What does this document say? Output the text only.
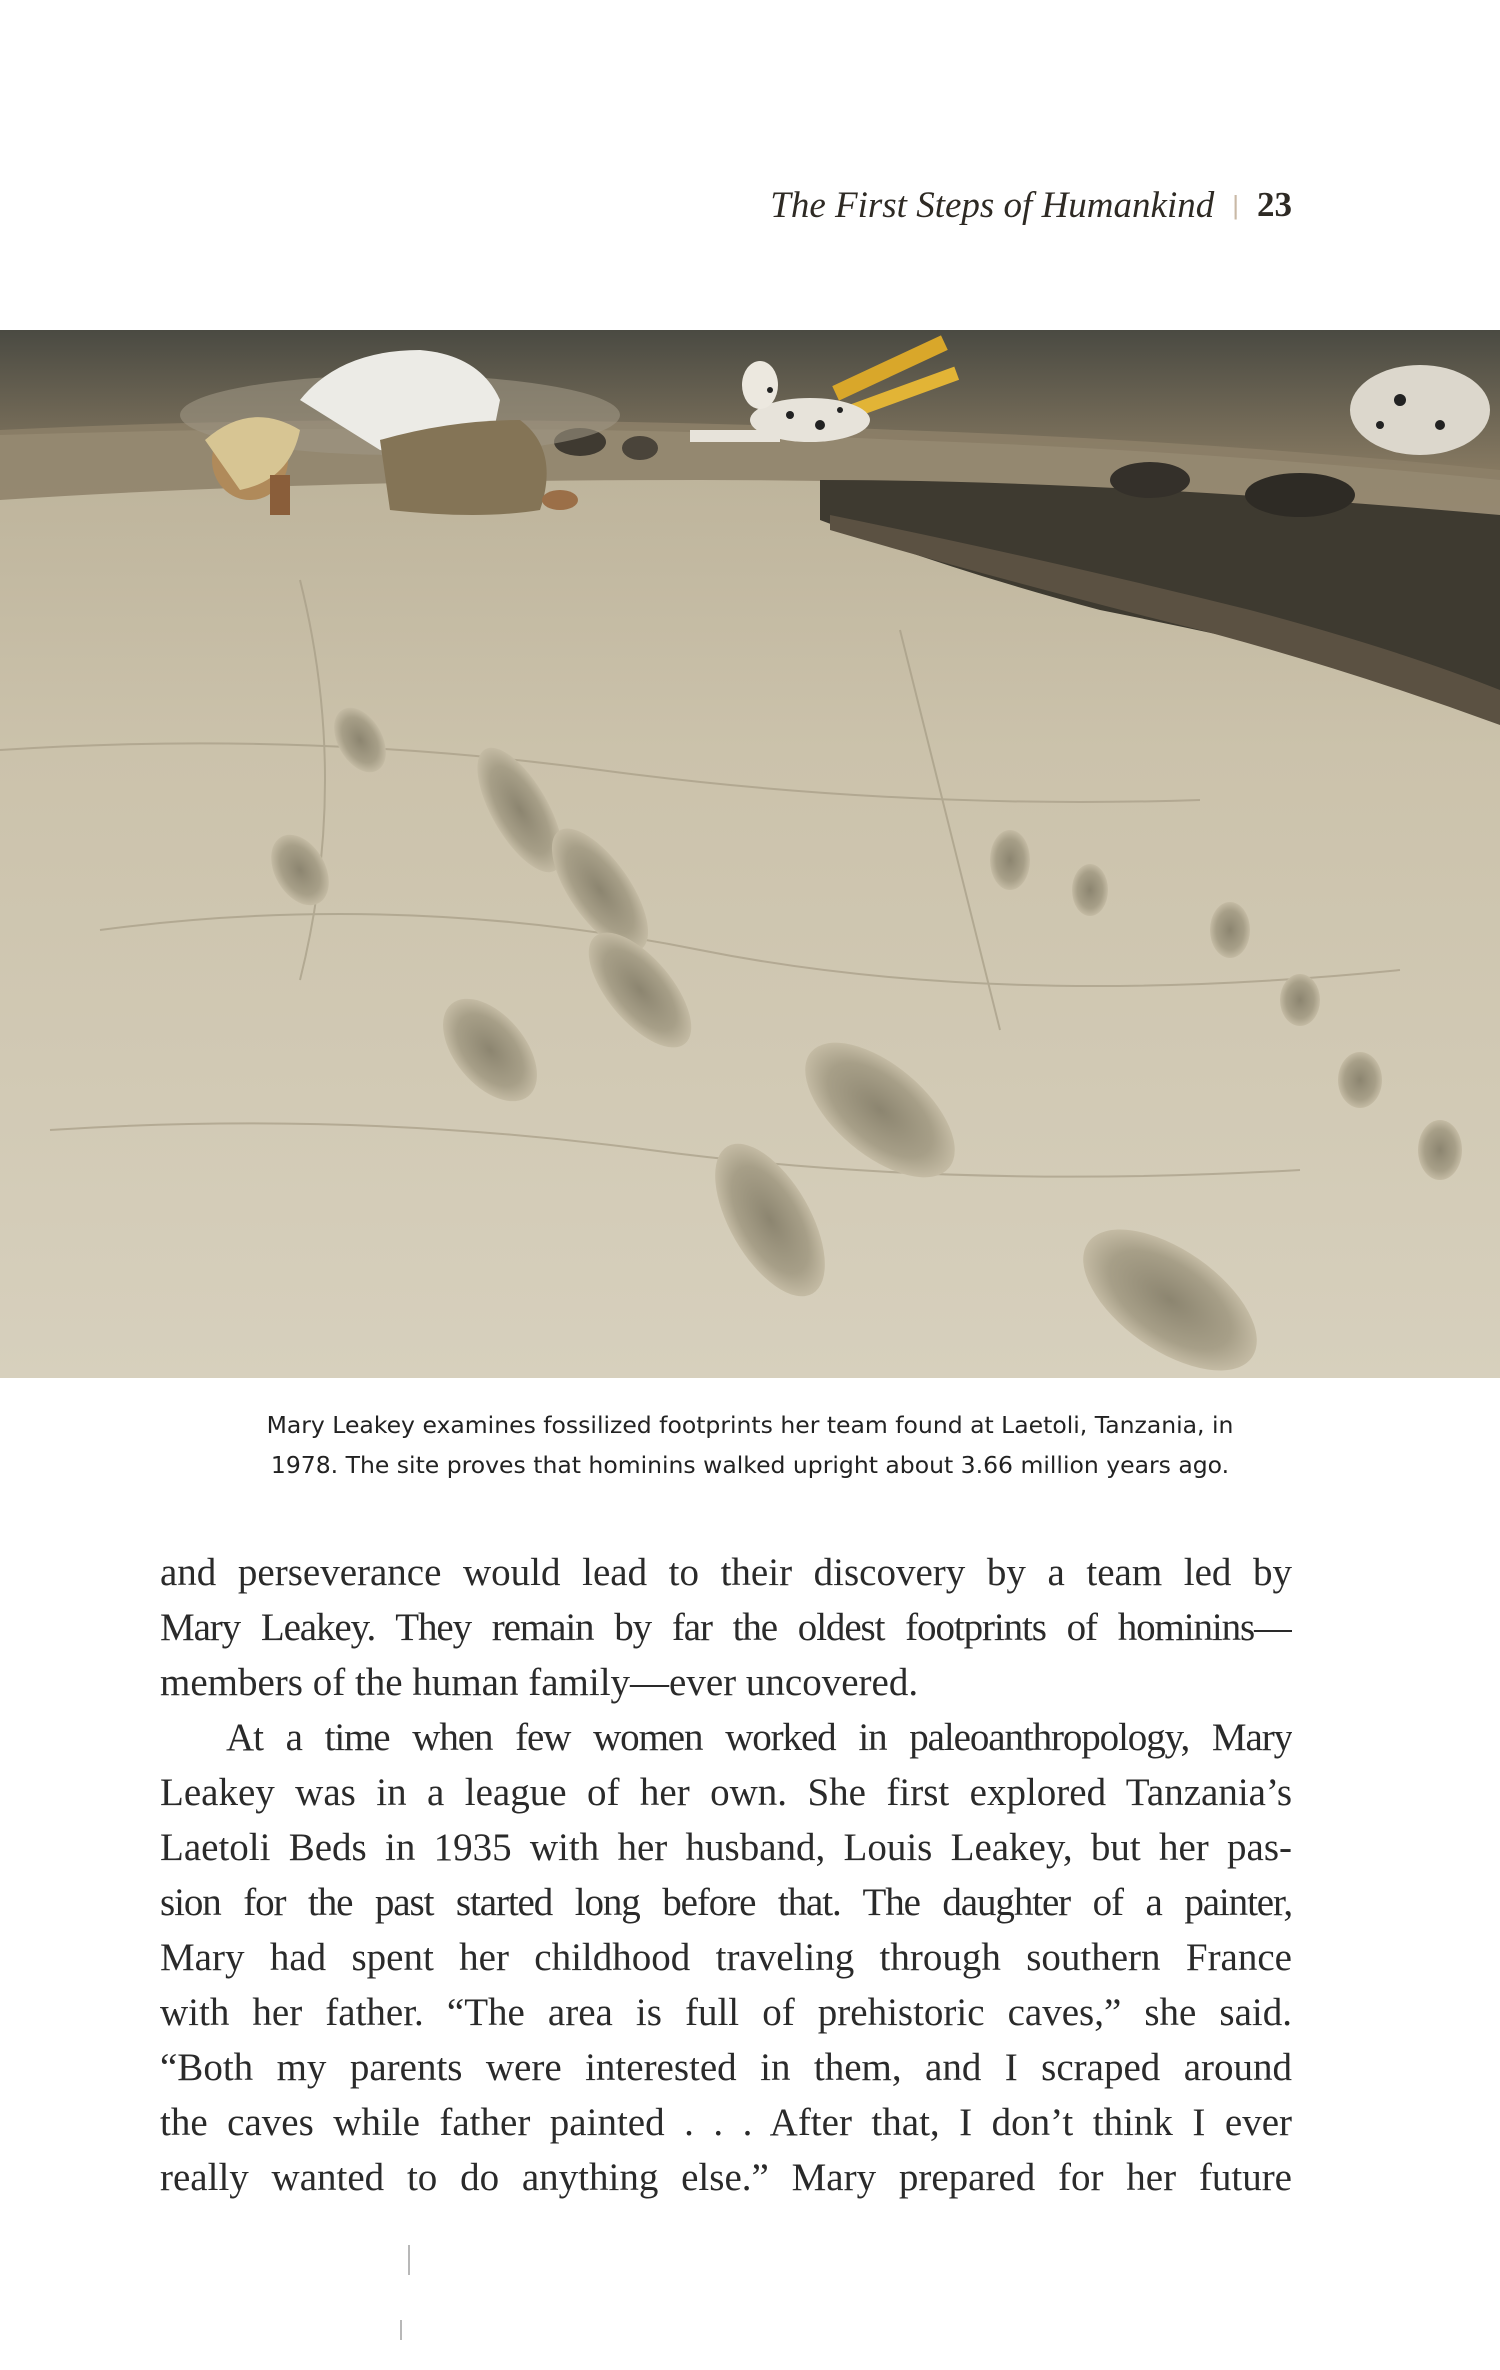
The First Steps of Humankind | 23
Mary Leakey examines fossilized footprints her team found at Laetoli, Tanzania, in
1978. The site proves that hominins walked upright about 3.66 million years ago.
and perseverance would lead to their discovery by a team led by
Mary Leakey. They remain by far the oldest footprints of hominins—
members of the human family—ever uncovered.
At a time when few women worked in paleoanthropology, Mary
Leakey was in a league of her own. She first explored Tanzania’s
Laetoli Beds in 1935 with her husband, Louis Leakey, but her pas-
sion for the past started long before that. The daughter of a painter,
Mary had spent her childhood traveling through southern France
with her father. “The area is full of prehistoric caves,” she said.
“Both my parents were interested in them, and I scraped around
the caves while father painted . . . After that, I don’t think I ever
really wanted to do anything else.” Mary prepared for her future
